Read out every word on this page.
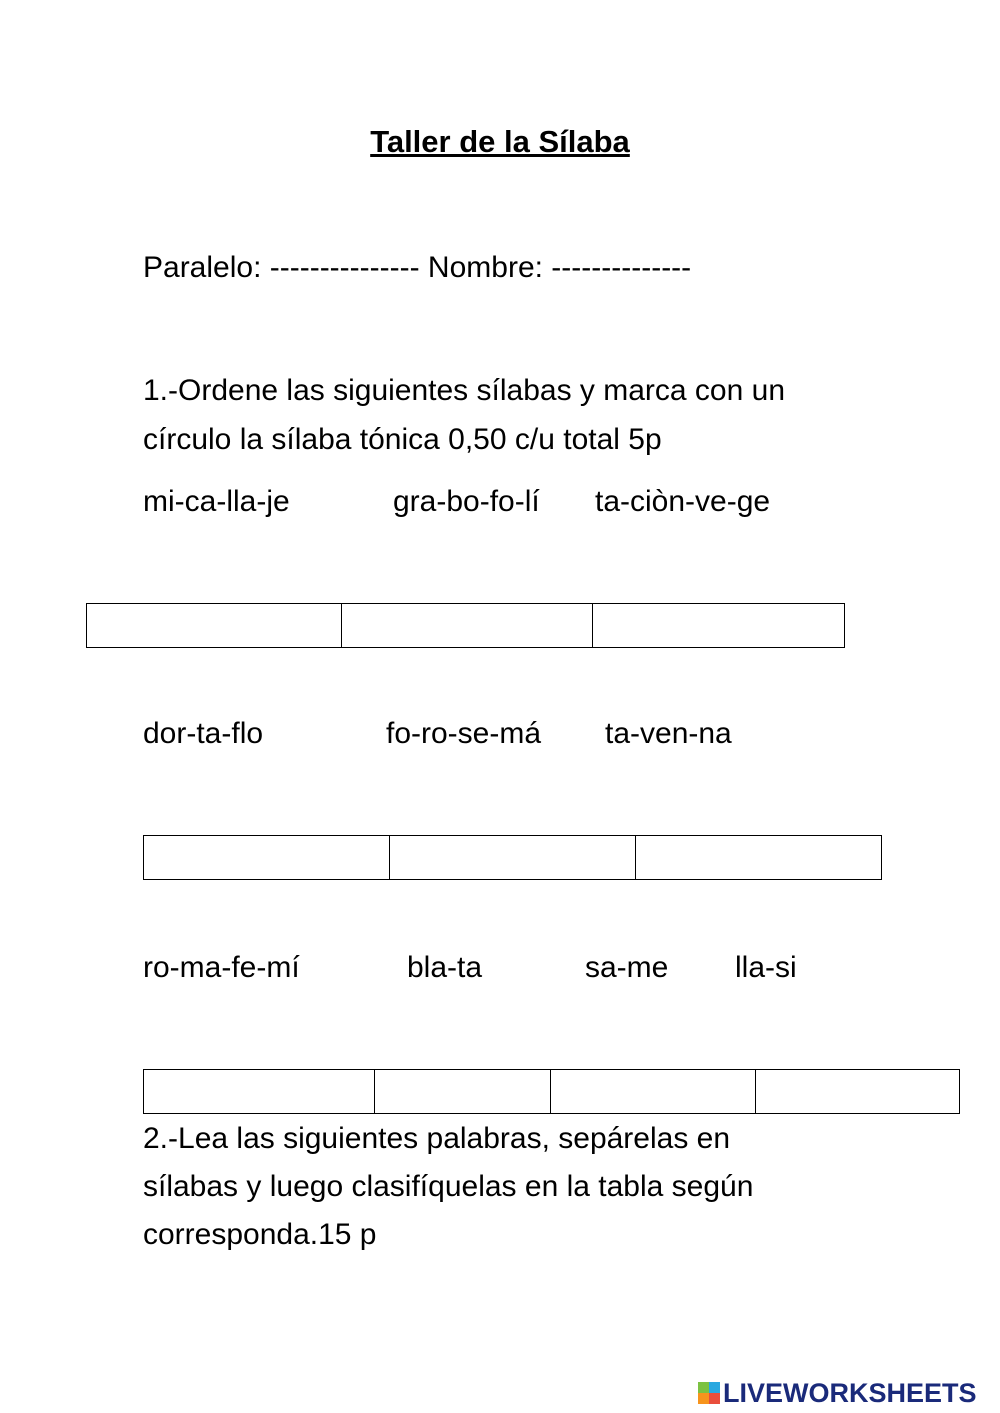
Taller de la Sílaba

Paralelo: --------------- Nombre: --------------

1.-Ordene las siguientes sílabas y marca con un

círculo la sílaba tónica 0,50 c/u total 5p

mi-ca-lla-je	gra-bo-fo-lí ta-ciòn-ve-ge

dor-ta-flo	fo-ro-se-má ta-ven-na

ro-ma-fe-mí	bla-ta	sa-me lla-si

2.-Lea las siguientes palabras, sepárelas en

sílabas y luego clasifíquelas en la tabla según

corresponda.15 p

LIVEWORKSHEETS
